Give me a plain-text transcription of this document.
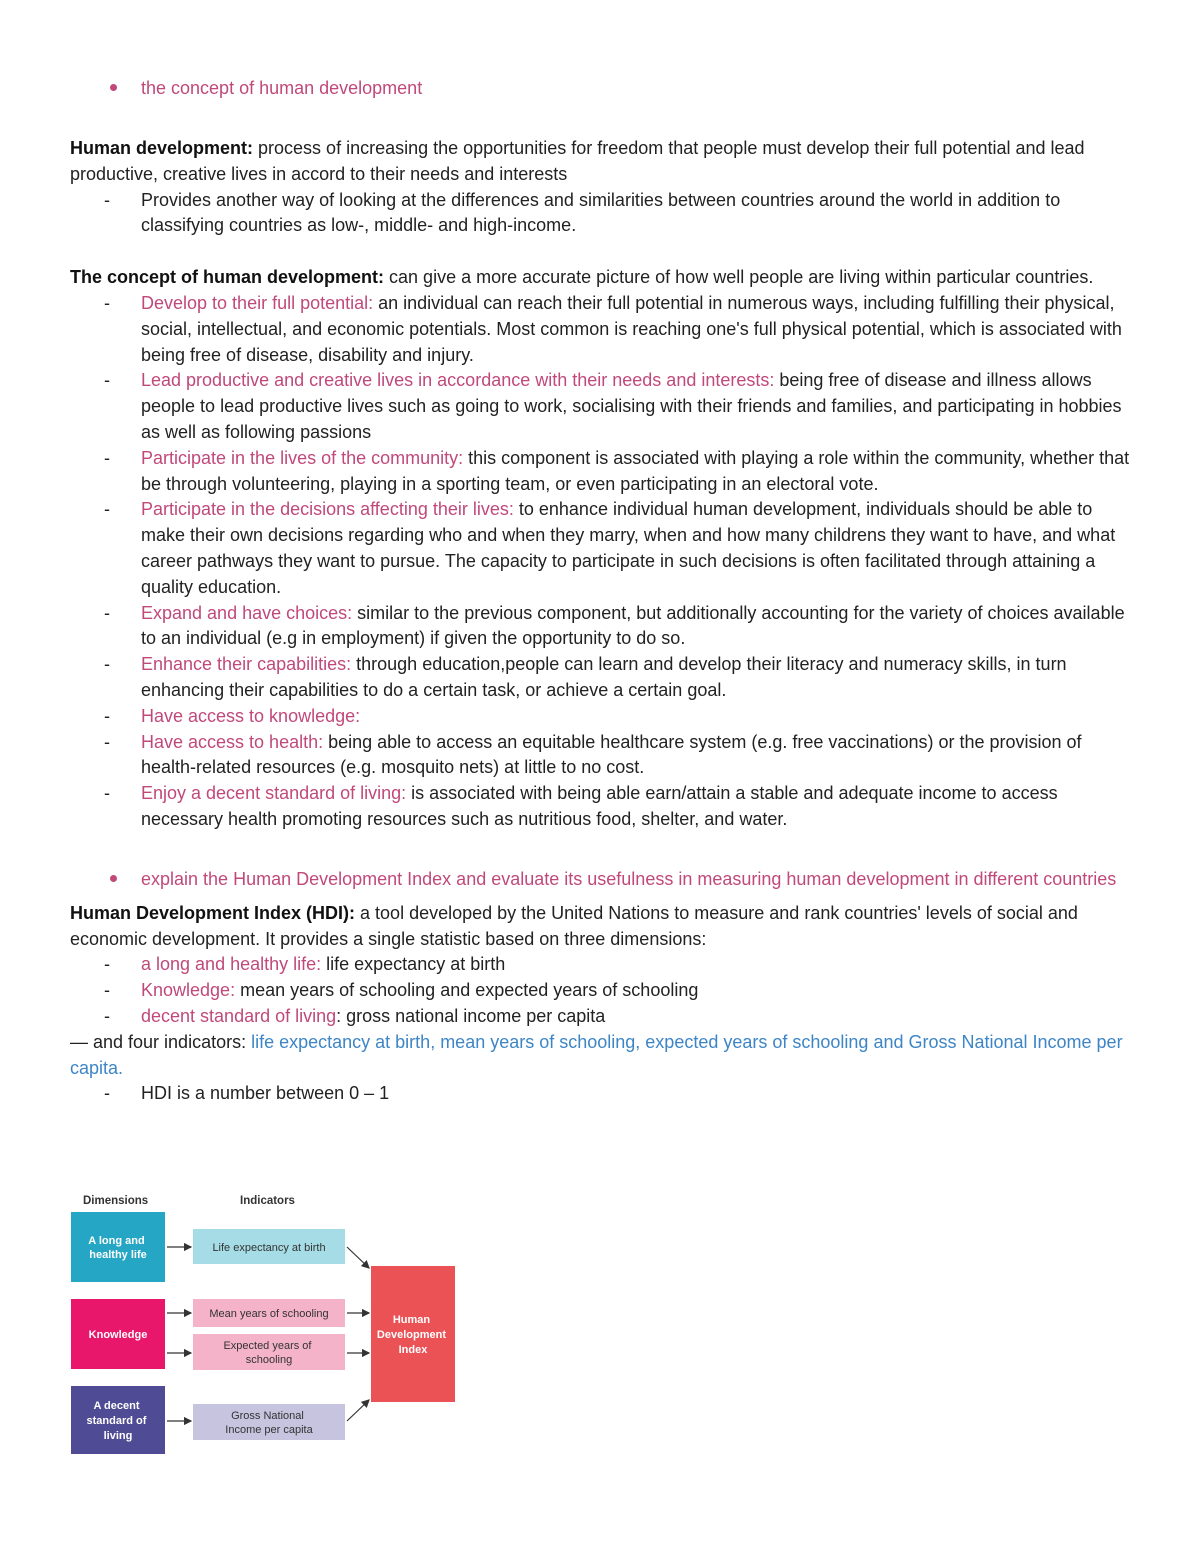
the concept of human development

Human development: process of increasing the opportunities for freedom that people must develop their full potential and lead productive, creative lives in accord to their needs and interests

- Provides another way of looking at the differences and similarities between countries around the world in addition to classifying countries as low-, middle- and high-income.

The concept of human development: can give a more accurate picture of how well people are living within particular countries.

- Develop to their full potential: an individual can reach their full potential in numerous ways, including fulfilling their physical, social, intellectual, and economic potentials. Most common is reaching one's full physical potential, which is associated with being free of disease, disability and injury.
- Lead productive and creative lives in accordance with their needs and interests: being free of disease and illness allows people to lead productive lives such as going to work, socialising with their friends and families, and participating in hobbies as well as following passions
- Participate in the lives of the community: this component is associated with playing a role within the community, whether that be through volunteering, playing in a sporting team, or even participating in an electoral vote.
- Participate in the decisions affecting their lives: to enhance individual human development, individuals should be able to make their own decisions regarding who and when they marry, when and how many childrens they want to have, and what career pathways they want to pursue. The capacity to participate in such decisions is often facilitated through attaining a quality education.
- Expand and have choices: similar to the previous component, but additionally accounting for the variety of choices available to an individual (e.g in employment) if given the opportunity to do so.
- Enhance their capabilities: through education,people can learn and develop their literacy and numeracy skills, in turn enhancing their capabilities to do a certain task, or achieve a certain goal.
- Have access to knowledge:
- Have access to health: being able to access an equitable healthcare system (e.g. free vaccinations) or the provision of health-related resources (e.g. mosquito nets) at little to no cost.
- Enjoy a decent standard of living: is associated with being able earn/attain a stable and adequate income to access necessary health promoting resources such as nutritious food, shelter, and water.

explain the Human Development Index and evaluate its usefulness in measuring human development in different countries

Human Development Index (HDI): a tool developed by the United Nations to measure and rank countries' levels of social and economic development. It provides a single statistic based on three dimensions:

- a long and healthy life: life expectancy at birth
- Knowledge: mean years of schooling and expected years of schooling
- decent standard of living: gross national income per capita

— and four indicators: life expectancy at birth, mean years of schooling, expected years of schooling and Gross National Income per capita.

- HDI is a number between 0 – 1
Dimensions	Indicators
A long and healthy life
Knowledge
A decent standard of living
Life expectancy at birth
Mean years of schooling
Expected years of schooling
Gross National Income per capita
Human Development Index
